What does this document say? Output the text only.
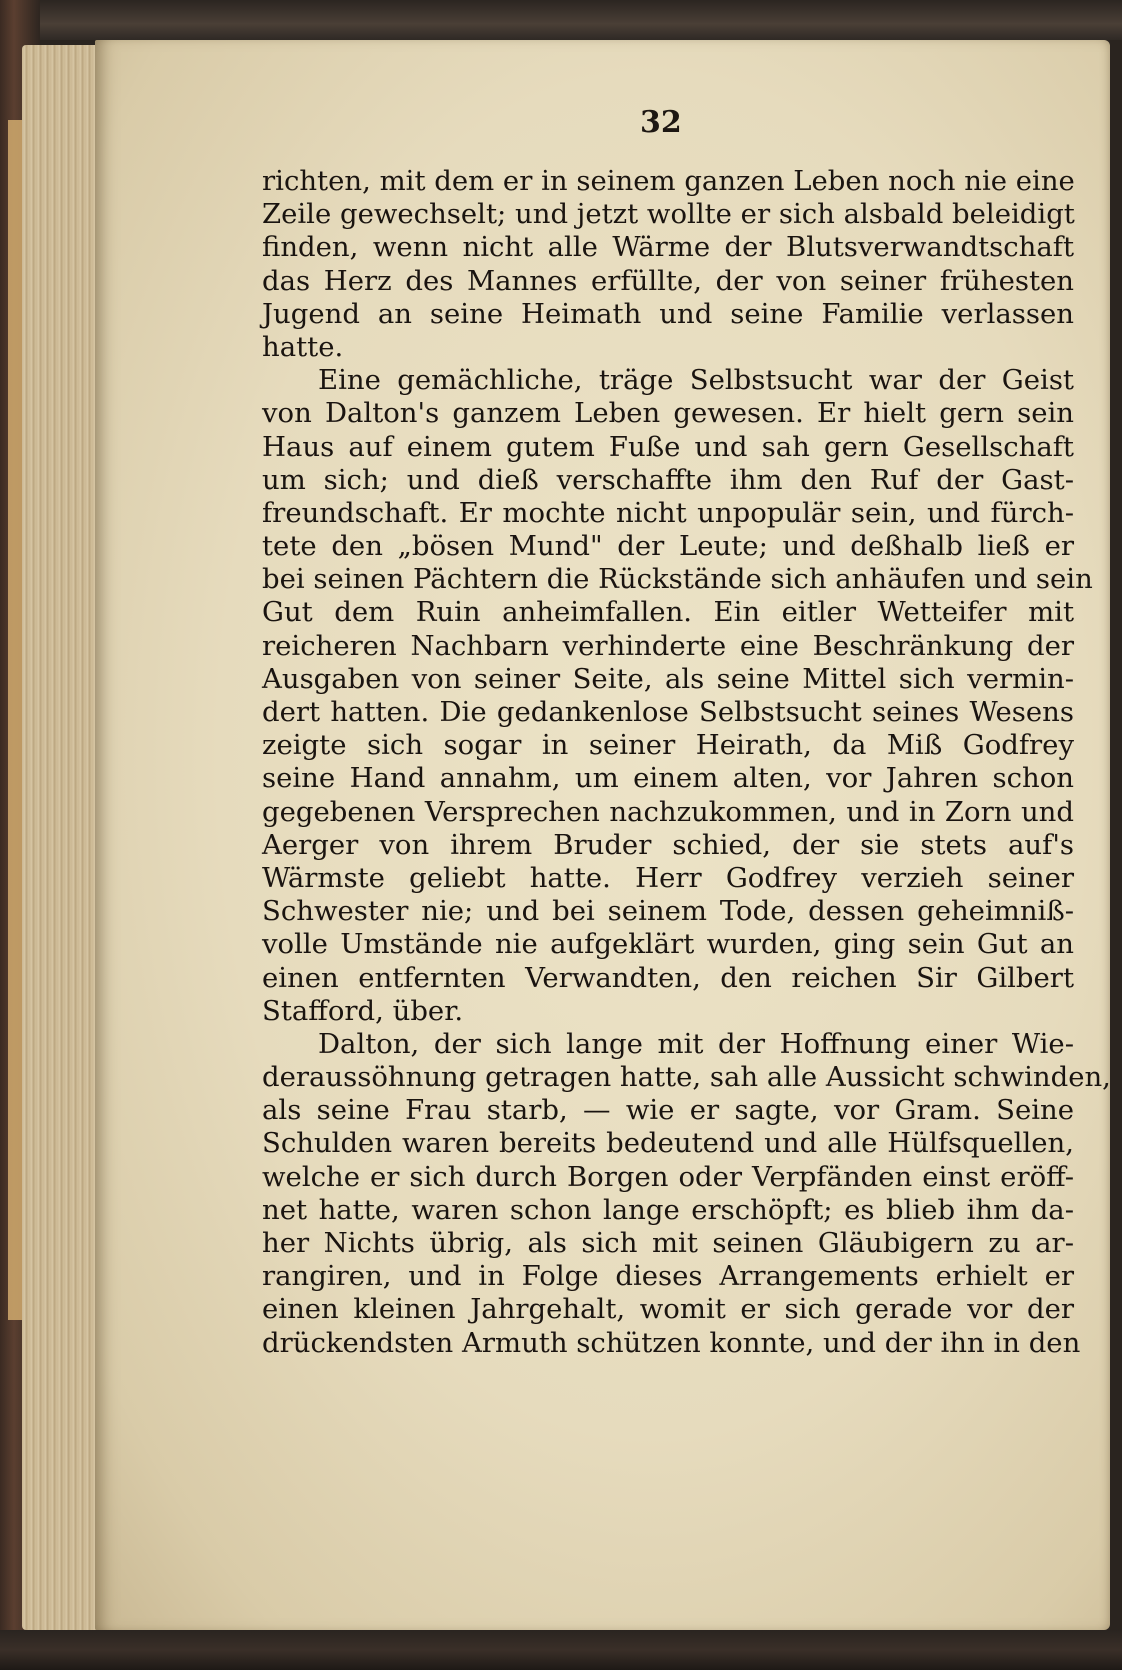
32
richten, mit dem er in seinem ganzen Leben noch nie eine
Zeile gewechselt; und jetzt wollte er sich alsbald beleidigt
finden, wenn nicht alle Wärme der Blutsverwandtschaft
das Herz des Mannes erfüllte, der von seiner frühesten
Jugend an seine Heimath und seine Familie verlassen
hatte.
Eine gemächliche, träge Selbstsucht war der Geist
von Dalton's ganzem Leben gewesen. Er hielt gern sein
Haus auf einem gutem Fuße und sah gern Gesellschaft
um sich; und dieß verschaffte ihm den Ruf der Gast-
freundschaft. Er mochte nicht unpopulär sein, und fürch-
tete den „bösen Mund" der Leute; und deßhalb ließ er
bei seinen Pächtern die Rückstände sich anhäufen und sein
Gut dem Ruin anheimfallen. Ein eitler Wetteifer mit
reicheren Nachbarn verhinderte eine Beschränkung der
Ausgaben von seiner Seite, als seine Mittel sich vermin-
dert hatten. Die gedankenlose Selbstsucht seines Wesens
zeigte sich sogar in seiner Heirath, da Miß Godfrey
seine Hand annahm, um einem alten, vor Jahren schon
gegebenen Versprechen nachzukommen, und in Zorn und
Aerger von ihrem Bruder schied, der sie stets auf's
Wärmste geliebt hatte. Herr Godfrey verzieh seiner
Schwester nie; und bei seinem Tode, dessen geheimniß-
volle Umstände nie aufgeklärt wurden, ging sein Gut an
einen entfernten Verwandten, den reichen Sir Gilbert
Stafford, über.
Dalton, der sich lange mit der Hoffnung einer Wie-
deraussöhnung getragen hatte, sah alle Aussicht schwinden,
als seine Frau starb, — wie er sagte, vor Gram. Seine
Schulden waren bereits bedeutend und alle Hülfsquellen,
welche er sich durch Borgen oder Verpfänden einst eröff-
net hatte, waren schon lange erschöpft; es blieb ihm da-
her Nichts übrig, als sich mit seinen Gläubigern zu ar-
rangiren, und in Folge dieses Arrangements erhielt er
einen kleinen Jahrgehalt, womit er sich gerade vor der
drückendsten Armuth schützen konnte, und der ihn in den
